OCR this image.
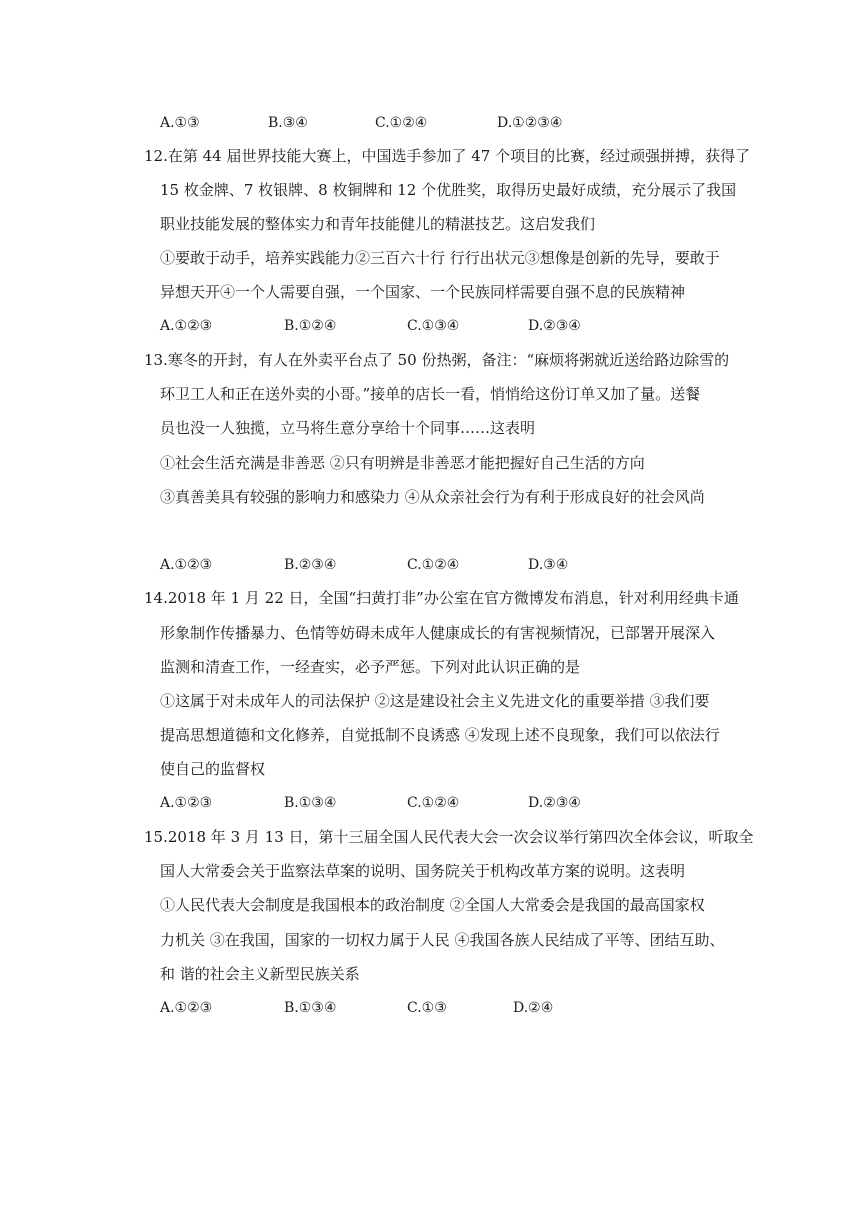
A.①③	B.③④	C.①②④	D.①②③④
12.在第 44 届世界技能大赛上，中国选手参加了 47 个项目的比赛，经过顽强拼搏，获得了
15 枚金牌、7 枚银牌、8 枚铜牌和 12 个优胜奖，取得历史最好成绩，充分展示了我国
职业技能发展的整体实力和青年技能健儿的精湛技艺。这启发我们
①要敢于动手，培养实践能力②三百六十行 行行出状元③想像是创新的先导，要敢于
异想天开④一个人需要自强，一个国家、一个民族同样需要自强不息的民族精神
A.①②③	B.①②④	C.①③④	D.②③④
13.寒冬的开封，有人在外卖平台点了 50 份热粥，备注：“麻烦将粥就近送给路边除雪的
环卫工人和正在送外卖的小哥。”接单的店长一看，悄悄给这份订单又加了量。送餐
员也没一人独揽，立马将生意分享给十个同事……这表明
①社会生活充满是非善恶 ②只有明辨是非善恶才能把握好自己生活的方向
③真善美具有较强的影响力和感染力 ④从众亲社会行为有利于形成良好的社会风尚
A.①②③	B.②③④	C.①②④	D.③④
14.2018 年 1 月 22 日，全国“扫黄打非”办公室在官方微博发布消息，针对利用经典卡通
形象制作传播暴力、色情等妨碍未成年人健康成长的有害视频情况，已部署开展深入
监测和清查工作，一经查实，必予严惩。下列对此认识正确的是
①这属于对未成年人的司法保护 ②这是建设社会主义先进文化的重要举措 ③我们要
提高思想道德和文化修养，自觉抵制不良诱惑 ④发现上述不良现象，我们可以依法行
使自己的监督权
A.①②③	B.①③④	C.①②④	D.②③④
15.2018 年 3 月 13 日，第十三届全国人民代表大会一次会议举行第四次全体会议，听取全
国人大常委会关于监察法草案的说明、国务院关于机构改革方案的说明。这表明
①人民代表大会制度是我国根本的政治制度 ②全国人大常委会是我国的最高国家权
力机关 ③在我国，国家的一切权力属于人民 ④我国各族人民结成了平等、团结互助、
和 谐的社会主义新型民族关系
A.①②③	B.①③④	C.①③	D.②④
